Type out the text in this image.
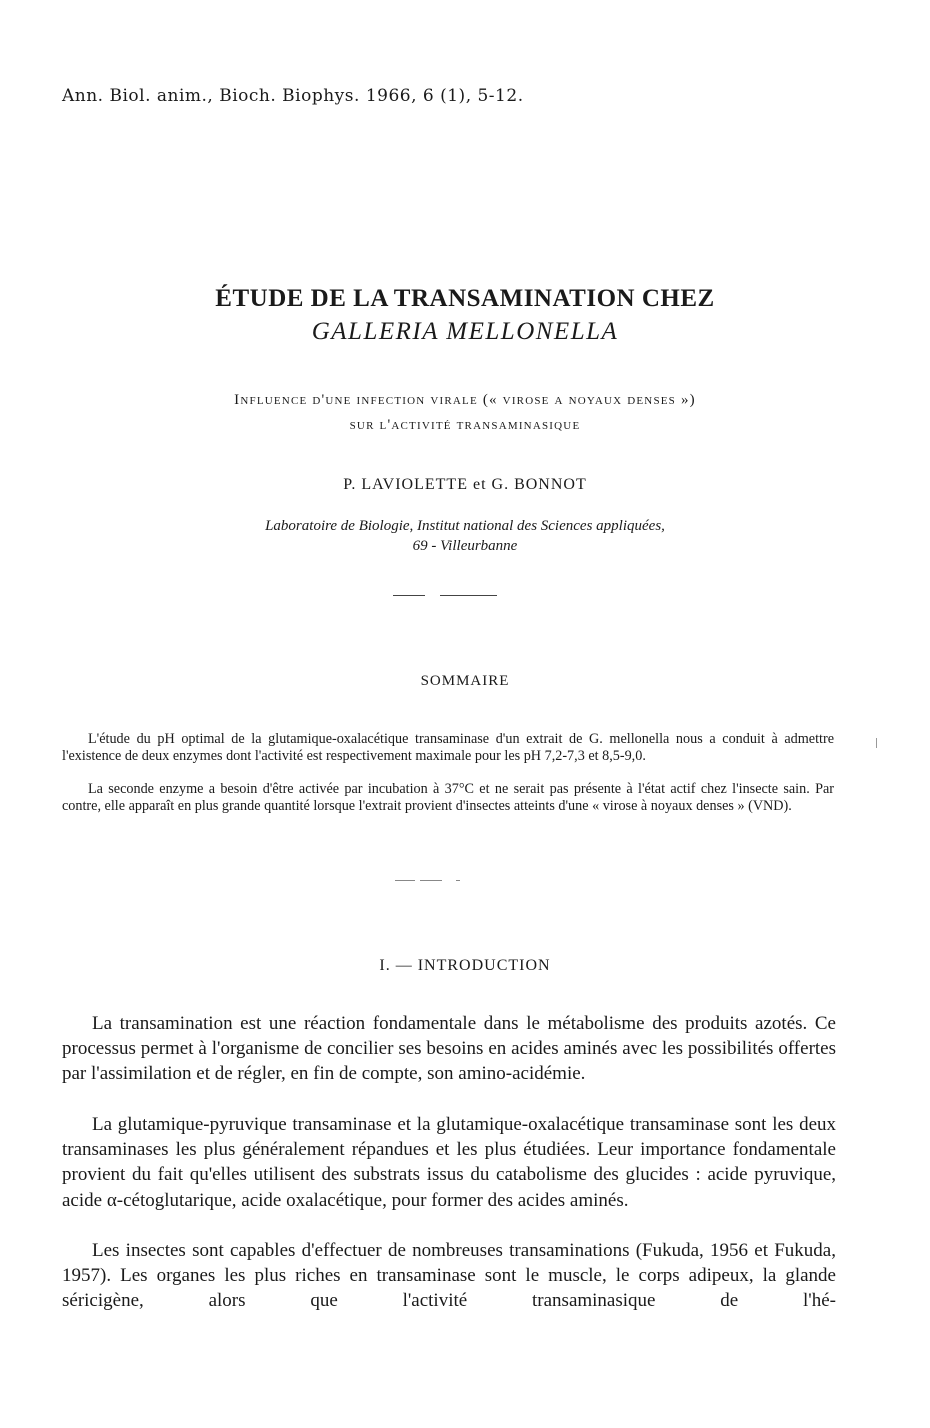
Ann. Biol. anim., Bioch. Biophys. 1966, 6 (1), 5-12.
ÉTUDE DE LA TRANSAMINATION CHEZ
GALLERIA MELLONELLA
Influence d'une infection virale (« virose a noyaux denses »)
sur l'activité transaminasique
P. LAVIOLETTE et G. BONNOT
Laboratoire de Biologie, Institut national des Sciences appliquées,
69 - Villeurbanne
SOMMAIRE
L'étude du pH optimal de la glutamique-oxalacétique transaminase d'un extrait de G. mellonella nous a conduit à admettre l'existence de deux enzymes dont l'activité est respectivement maximale pour les pH 7,2-7,3 et 8,5-9,0.
La seconde enzyme a besoin d'être activée par incubation à 37°C et ne serait pas présente à l'état actif chez l'insecte sain. Par contre, elle apparaît en plus grande quantité lorsque l'extrait provient d'insectes atteints d'une « virose à noyaux denses » (VND).
I. — INTRODUCTION
La transamination est une réaction fondamentale dans le métabolisme des produits azotés. Ce processus permet à l'organisme de concilier ses besoins en acides aminés avec les possibilités offertes par l'assimilation et de régler, en fin de compte, son amino-acidémie.
La glutamique-pyruvique transaminase et la glutamique-oxalacétique transaminase sont les deux transaminases les plus généralement répandues et les plus étudiées. Leur importance fondamentale provient du fait qu'elles utilisent des substrats issus du catabolisme des glucides : acide pyruvique, acide α-cétoglutarique, acide oxalacétique, pour former des acides aminés.
Les insectes sont capables d'effectuer de nombreuses transaminations (Fukuda, 1956 et Fukuda, 1957). Les organes les plus riches en transaminase sont le muscle, le corps adipeux, la glande séricigène, alors que l'activité transaminasique de l'hé-
